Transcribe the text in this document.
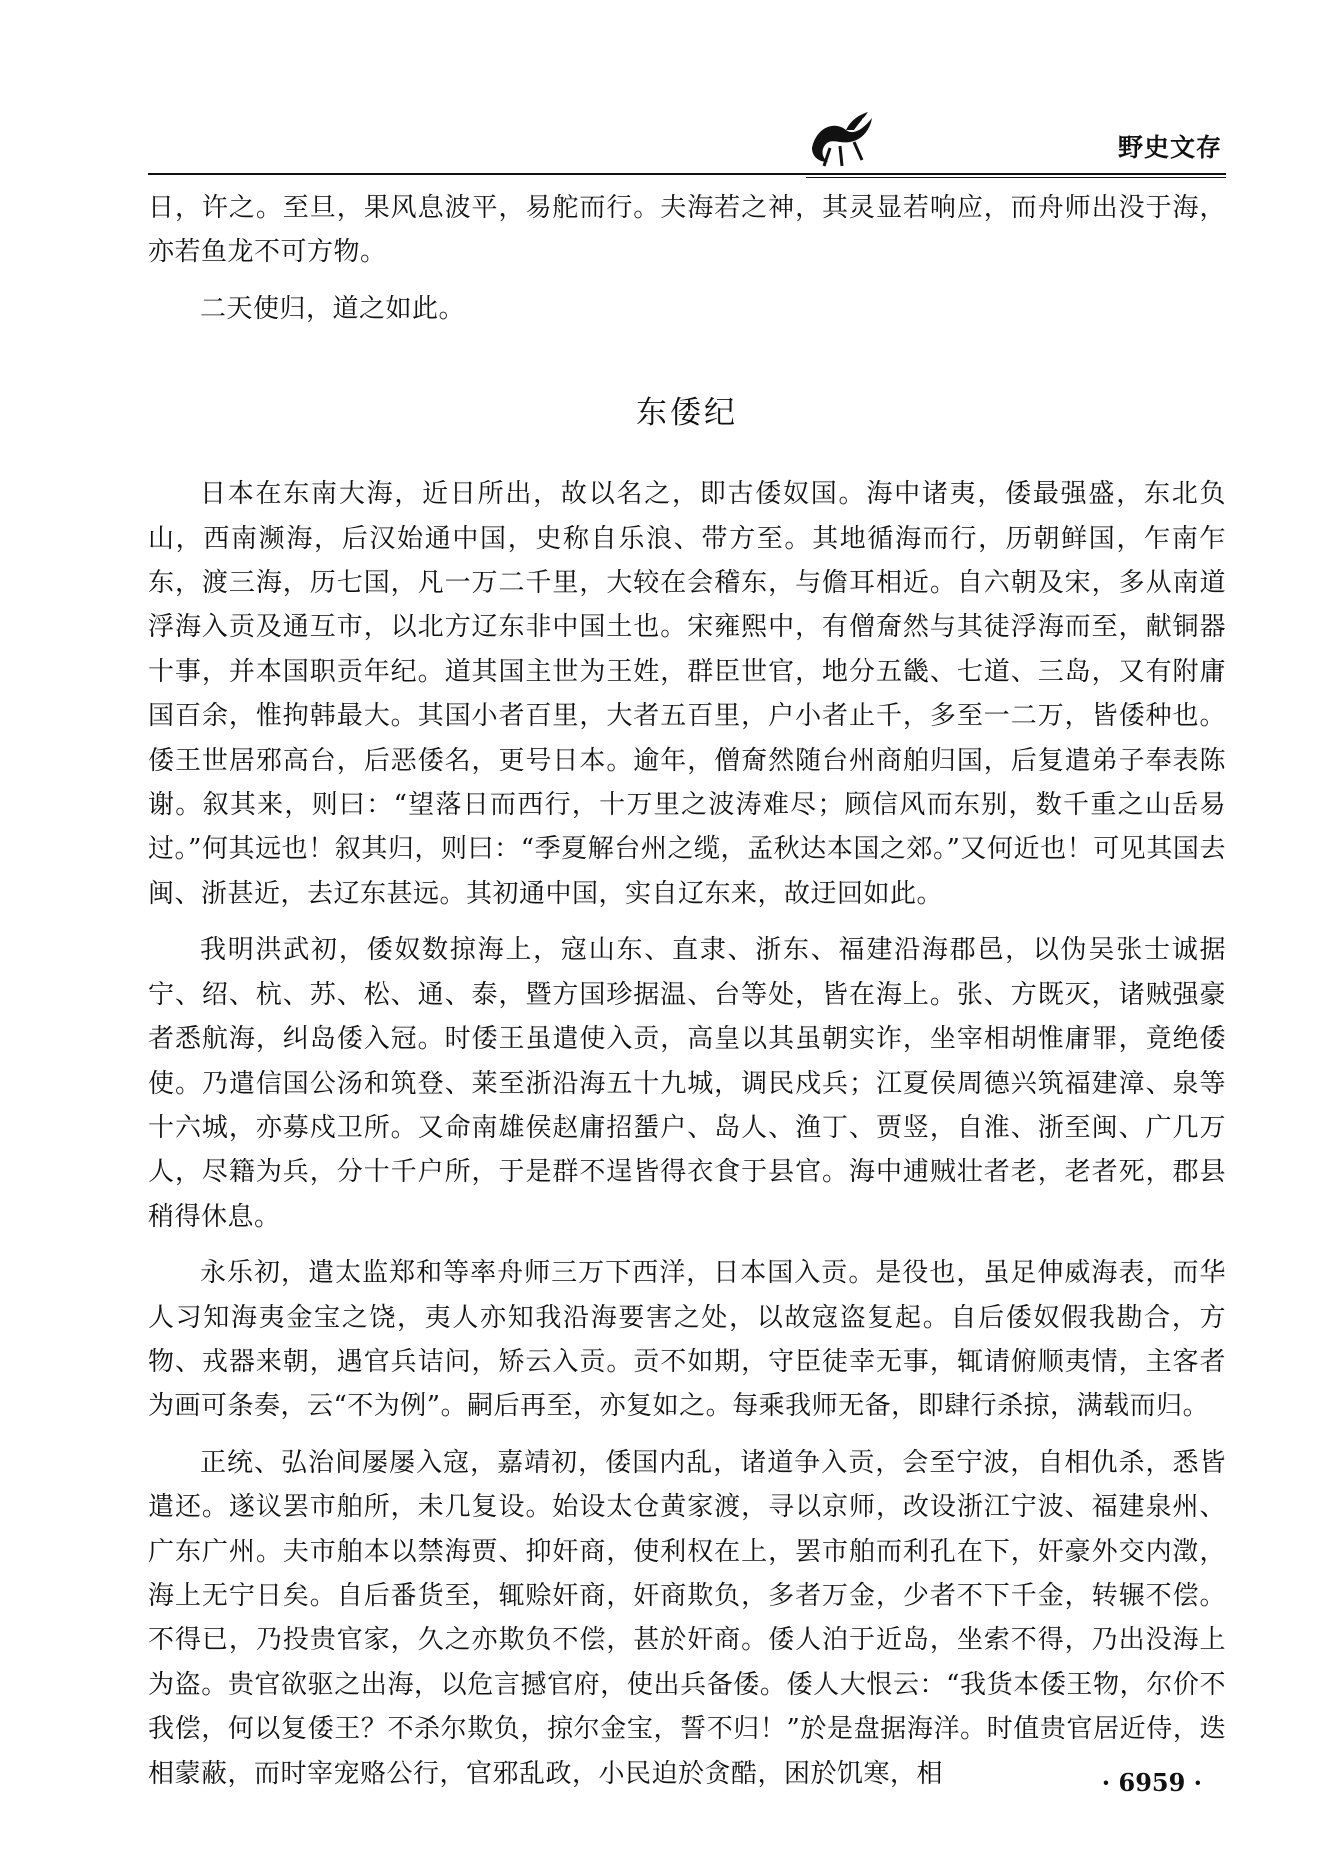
野史文存

日，许之。至旦，果风息波平，易舵而行。夫海若之神，其灵显若响应，而舟师出没于海，亦若鱼龙不可方物。

二天使归，道之如此。

东倭纪

日本在东南大海，近日所出，故以名之，即古倭奴国。海中诸夷，倭最强盛，东北负山，西南濒海，后汉始通中国，史称自乐浪、带方至。其地循海而行，历朝鲜国，乍南乍东，渡三海，历七国，凡一万二千里，大较在会稽东，与儋耳相近。自六朝及宋，多从南道浮海入贡及通互市，以北方辽东非中国土也。宋雍熙中，有僧奝然与其徒浮海而至，献铜器十事，并本国职贡年纪。道其国主世为王姓，群臣世官，地分五畿、七道、三岛，又有附庸国百余，惟拘韩最大。其国小者百里，大者五百里，户小者止千，多至一二万，皆倭种也。倭王世居邪高台，后恶倭名，更号日本。逾年，僧奝然随台州商舶归国，后复遣弟子奉表陈谢。叙其来，则曰：“望落日而西行，十万里之波涛难尽；顾信风而东别，数千重之山岳易过。”何其远也！叙其归，则曰：“季夏解台州之缆，孟秋达本国之郊。”又何近也！可见其国去闽、浙甚近，去辽东甚远。其初通中国，实自辽东来，故迂回如此。

我明洪武初，倭奴数掠海上，寇山东、直隶、浙东、福建沿海郡邑，以伪吴张士诚据宁、绍、杭、苏、松、通、泰，暨方国珍据温、台等处，皆在海上。张、方既灭，诸贼强豪者悉航海，纠岛倭入冠。时倭王虽遣使入贡，高皇以其虽朝实诈，坐宰相胡惟庸罪，竟绝倭使。乃遣信国公汤和筑登、莱至浙沿海五十九城，调民戍兵；江夏侯周德兴筑福建漳、泉等十六城，亦募戍卫所。又命南雄侯赵庸招蜑户、岛人、渔丁、贾竖，自淮、浙至闽、广几万人，尽籍为兵，分十千户所，于是群不逞皆得衣食于县官。海中逋贼壮者老，老者死，郡县稍得休息。

永乐初，遣太监郑和等率舟师三万下西洋，日本国入贡。是役也，虽足伸威海表，而华人习知海夷金宝之饶，夷人亦知我沿海要害之处，以故寇盗复起。自后倭奴假我勘合，方物、戎器来朝，遇官兵诘问，矫云入贡。贡不如期，守臣徒幸无事，辄请俯顺夷情，主客者为画可条奏，云“不为例”。嗣后再至，亦复如之。每乘我师无备，即肆行杀掠，满载而归。

正统、弘治间屡屡入寇，嘉靖初，倭国内乱，诸道争入贡，会至宁波，自相仇杀，悉皆遣还。遂议罢市舶所，未几复设。始设太仓黄家渡，寻以京师，改设浙江宁波、福建泉州、广东广州。夫市舶本以禁海贾、抑奸商，使利权在上，罢市舶而利孔在下，奸豪外交内澂，海上无宁日矣。自后番货至，辄赊奸商，奸商欺负，多者万金，少者不下千金，转辗不偿。不得已，乃投贵官家，久之亦欺负不偿，甚於奸商。倭人泊于近岛，坐索不得，乃出没海上为盗。贵官欲驱之出海，以危言撼官府，使出兵备倭。倭人大恨云：“我货本倭王物，尔价不我偿，何以复倭王？不杀尔欺负，掠尔金宝，誓不归！”於是盘据海洋。时值贵官居近侍，迭相蒙蔽，而时宰宠赂公行，官邪乱政，小民迫於贪酷，困於饥寒，相	· 6959 ·
